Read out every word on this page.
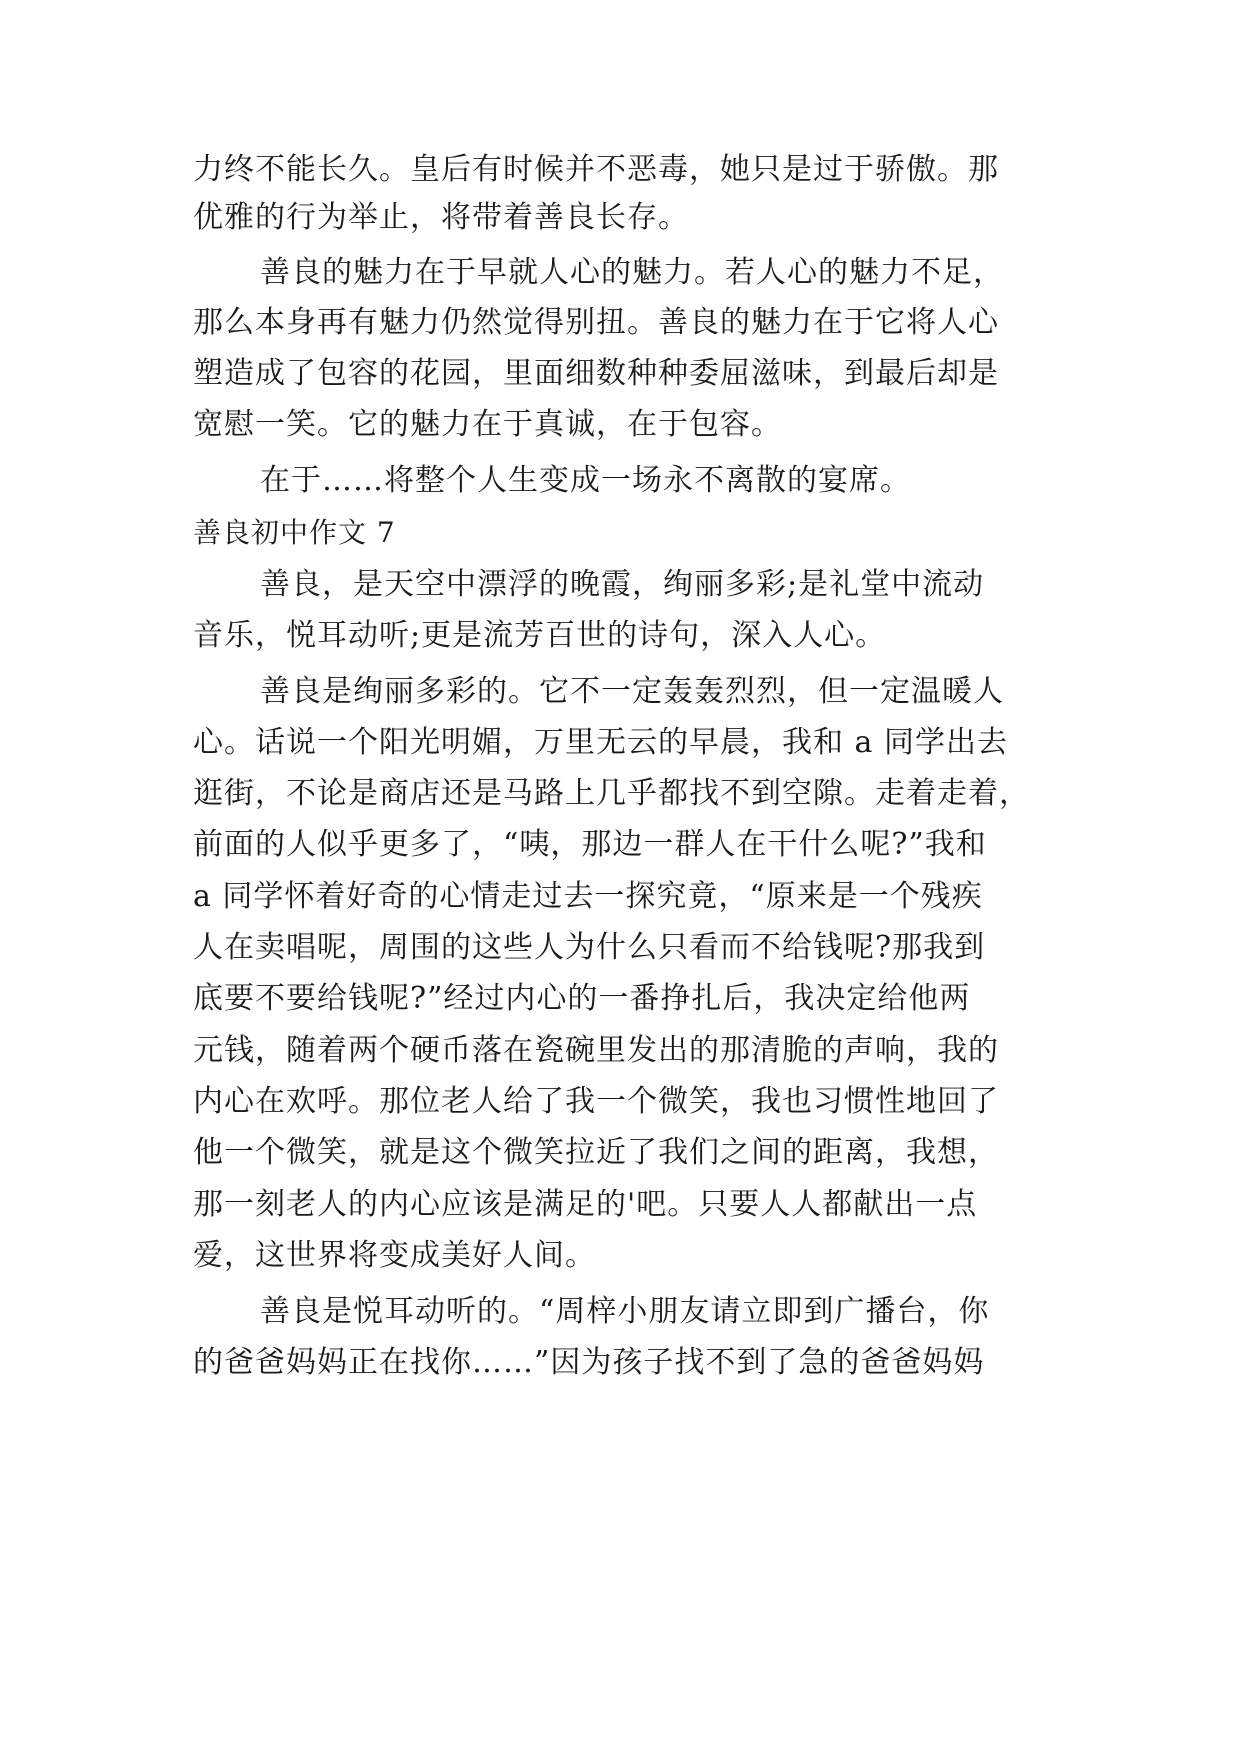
力终不能长久。皇后有时候并不恶毒，她只是过于骄傲。那
优雅的行为举止，将带着善良长存。
善良的魅力在于早就人心的魅力。若人心的魅力不足，
那么本身再有魅力仍然觉得别扭。善良的魅力在于它将人心
塑造成了包容的花园，里面细数种种委屈滋味，到最后却是
宽慰一笑。它的魅力在于真诚，在于包容。
在于……将整个人生变成一场永不离散的宴席。
善良初中作文 7
善良，是天空中漂浮的晚霞，绚丽多彩;是礼堂中流动
音乐，悦耳动听;更是流芳百世的诗句，深入人心。
善良是绚丽多彩的。它不一定轰轰烈烈，但一定温暖人
心。话说一个阳光明媚，万里无云的早晨，我和 a 同学出去
逛街，不论是商店还是马路上几乎都找不到空隙。走着走着，
前面的人似乎更多了，“咦，那边一群人在干什么呢?”我和
a 同学怀着好奇的心情走过去一探究竟，“原来是一个残疾
人在卖唱呢，周围的这些人为什么只看而不给钱呢?那我到
底要不要给钱呢?”经过内心的一番挣扎后，我决定给他两
元钱，随着两个硬币落在瓷碗里发出的那清脆的声响，我的
内心在欢呼。那位老人给了我一个微笑，我也习惯性地回了
他一个微笑，就是这个微笑拉近了我们之间的距离，我想，
那一刻老人的内心应该是满足的'吧。只要人人都献出一点
爱，这世界将变成美好人间。
善良是悦耳动听的。“周梓小朋友请立即到广播台，你
的爸爸妈妈正在找你……”因为孩子找不到了急的爸爸妈妈
